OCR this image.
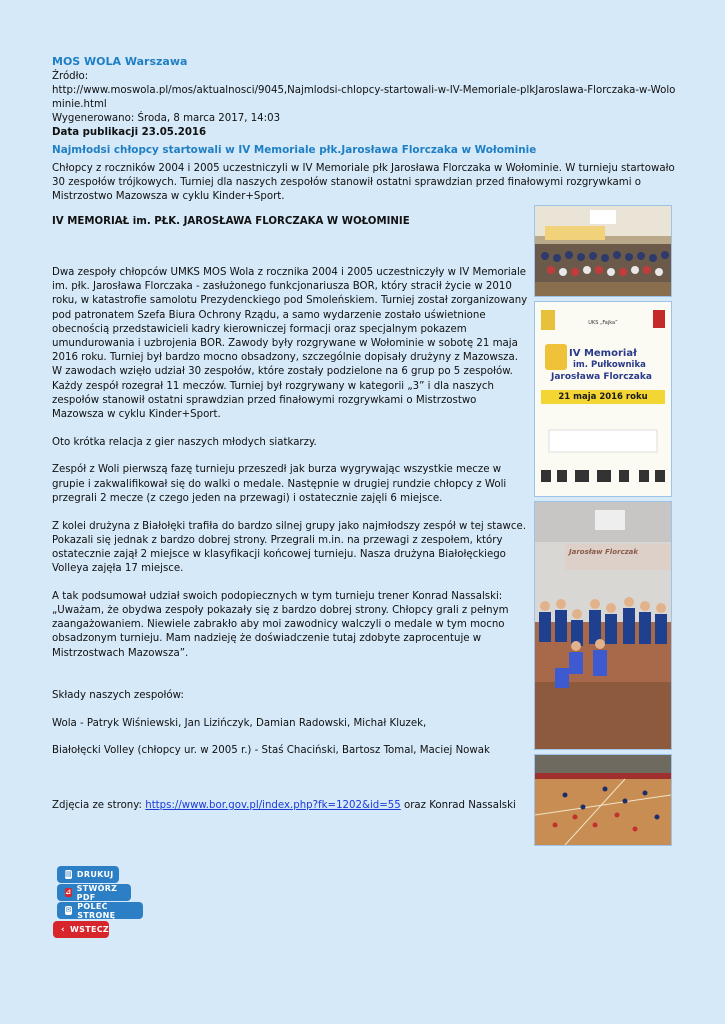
MOS WOLA Warszawa
Źródło:
http://www.moswola.pl/mos/aktualnosci/9045,Najmlodsi-chlopcy-startowali-w-IV-Memoriale-plkJaroslawa-Florczaka-w-Wolominie.html
Wygenerowano: Środa, 8 marca 2017, 14:03
Data publikacji 23.05.2016
Najmłodsi chłopcy startowali w IV Memoriale płk.Jarosława Florczaka w Wołominie
Chłopcy z roczników 2004 i 2005 uczestniczyli w IV Memoriale płk Jarosława Florczaka w Wołominie. W turnieju startowało 30 zespołów trójkowych. Turniej dla naszych zespołów stanowił ostatni sprawdzian przed finałowymi rozgrywkami o Mistrzostwo Mazowsza w cyklu Kinder+Sport.
IV MEMORIAŁ im. PŁK. JAROSŁAWA FLORCZAKA W WOŁOMINIE

Dwa zespoły chłopców UMKS MOS Wola z rocznika 2004 i 2005 uczestniczyły w IV Memoriale im. płk. Jarosława Florczaka - zasłużonego funkcjonariusza BOR, który stracił życie w 2010 roku, w katastrofie samolotu Prezydenckiego pod Smoleńskiem. Turniej został zorganizowany pod patronatem Szefa Biura Ochrony Rządu, a samo wydarzenie zostało uświetnione obecnością przedstawicieli kadry kierowniczej formacji oraz specjalnym pokazem umundurowania i uzbrojenia BOR. Zawody były rozgrywane w Wołominie w sobotę 21 maja 2016 roku. Turniej był bardzo mocno obsadzony, szczególnie dopisały drużyny z Mazowsza. W zawodach wzięło udział 30 zespołów, które zostały podzielone na 6 grup po 5 zespołów. Każdy zespół rozegrał 11 meczów. Turniej był rozgrywany w kategorii „3” i dla naszych zespołów stanowił ostatni sprawdzian przed finałowymi rozgrywkami o Mistrzostwo Mazowsza w cyklu Kinder+Sport.

Oto krótka relacja z gier naszych młodych siatkarzy.

Zespół z Woli pierwszą fazę turnieju przeszedł jak burza wygrywając wszystkie mecze w grupie i zakwalifikował się do walki o medale. Następnie w drugiej rundzie chłopcy z Woli przegrali 2 mecze (z czego jeden na przewagi) i ostatecznie zajęli 6 miejsce.

Z kolei drużyna z Białołęki trafiła do bardzo silnej grupy jako najmłodszy zespół w tej stawce. Pokazali się jednak z bardzo dobrej strony. Przegrali m.in. na przewagi z zespołem, który ostatecznie zajął 2 miejsce w klasyfikacji końcowej turnieju. Nasza drużyna Białołęckiego Volleya zajęła 17 miejsce.

A tak podsumował udział swoich podopiecznych w tym turnieju trener Konrad Nassalski: „Uważam, że obydwa zespoły pokazały się z bardzo dobrej strony. Chłopcy grali z pełnym zaangażowaniem. Niewiele zabrakło aby moi zawodnicy walczyli o medale w tym mocno obsadzonym turnieju. Mam nadzieję że doświadczenie tutaj zdobyte zaprocentuje w Mistrzostwach Mazowsza”.

Składy naszych zespołów:

Wola - Patryk Wiśniewski, Jan Lizińczyk, Damian Radowski, Michał Kluzek,

Białołęcki Volley (chłopcy ur. w 2005 r.) - Staś Chaciński, Bartosz Tomal, Maciej Nowak

Zdjęcia ze strony: https://www.bor.gov.pl/index.php?fk=1202&id=55 oraz Konrad Nassalski
UKS „Fajka”
IV Memoriał
im. Pułkownika
Jarosława Florczaka
21 maja 2016 roku
Jarosław Florczak
▤ DRUKUJ
⊿ STWÓRZ PDF
✉ POLEĆ STRONĘ
‹ WSTECZ
